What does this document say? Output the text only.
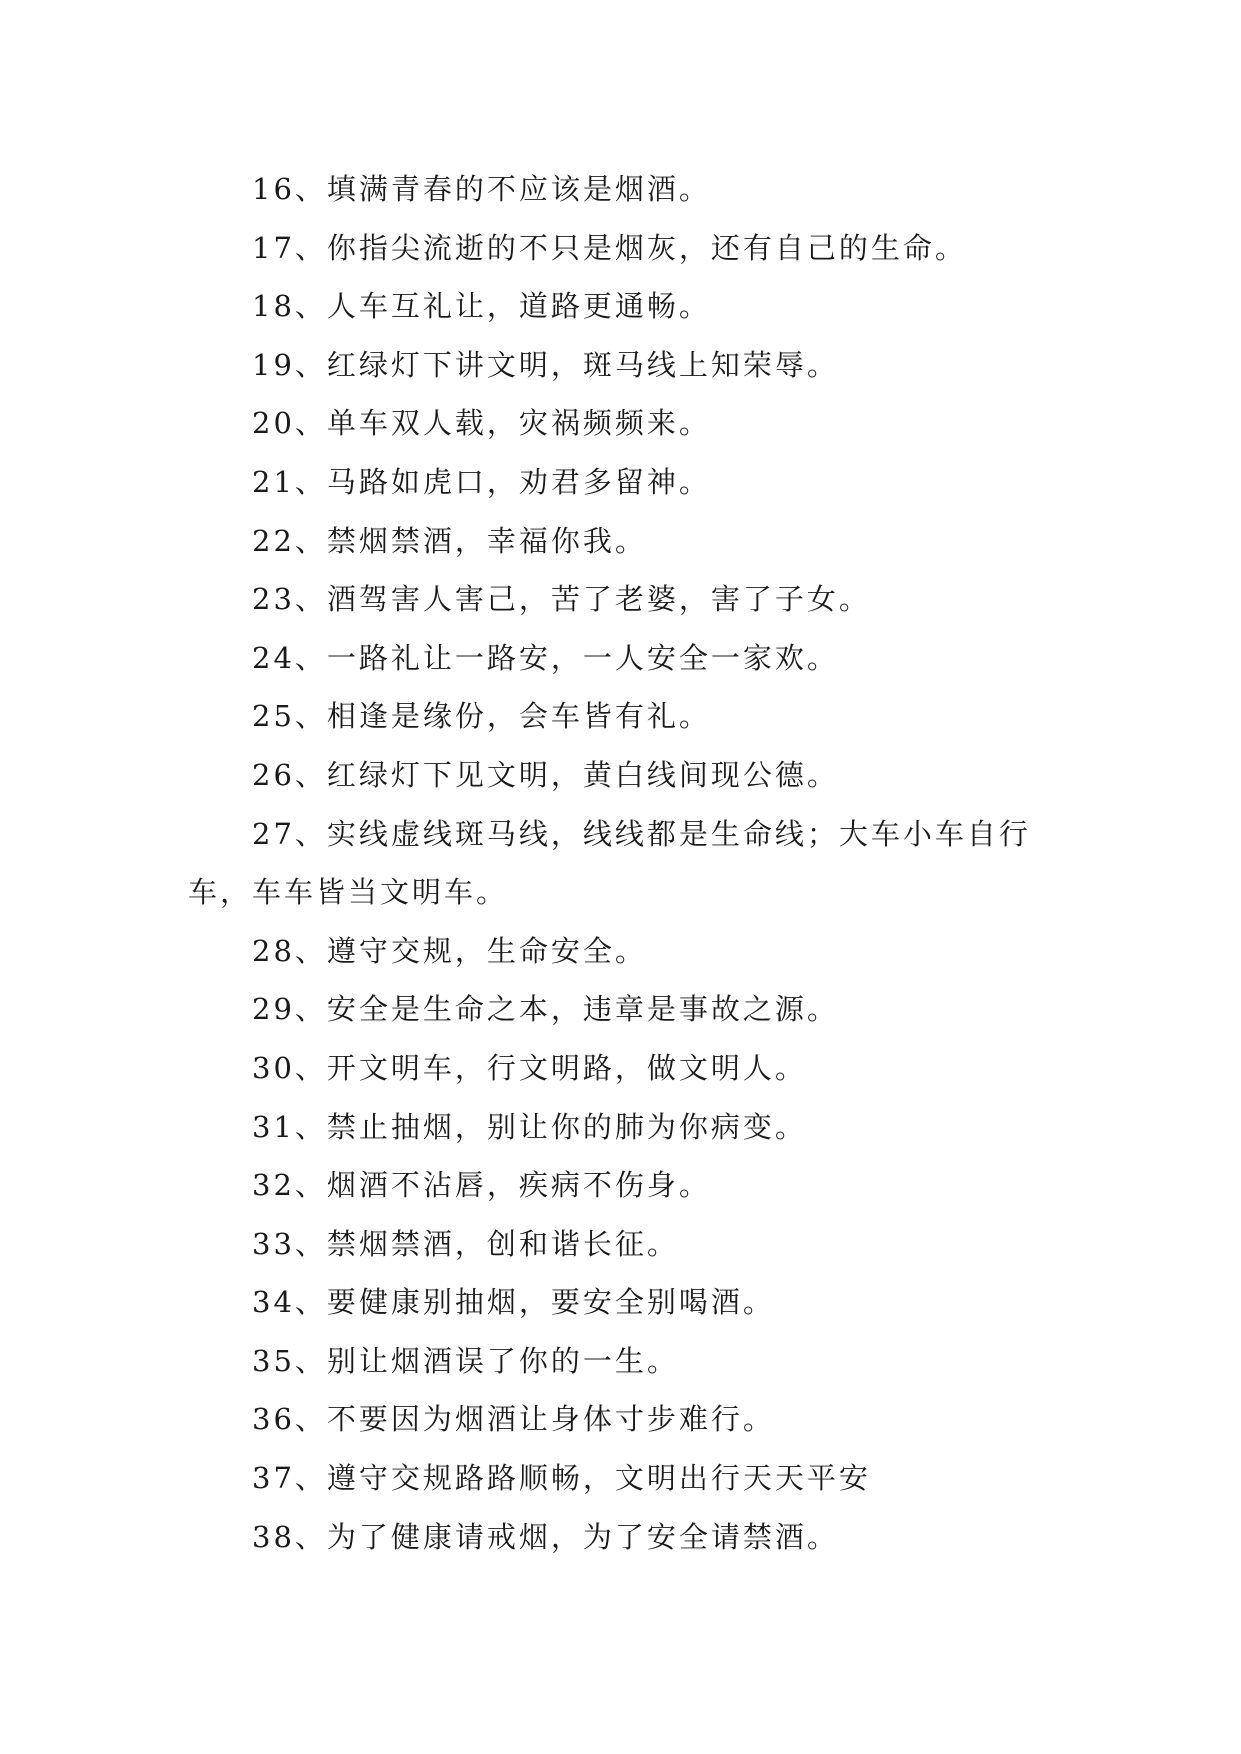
16、填满青春的不应该是烟酒。

17、你指尖流逝的不只是烟灰，还有自己的生命。

18、人车互礼让，道路更通畅。

19、红绿灯下讲文明，斑马线上知荣辱。

20、单车双人载，灾祸频频来。

21、马路如虎口，劝君多留神。

22、禁烟禁酒，幸福你我。

23、酒驾害人害己，苦了老婆，害了子女。

24、一路礼让一路安，一人安全一家欢。

25、相逢是缘份，会车皆有礼。

26、红绿灯下见文明，黄白线间现公德。

27、实线虚线斑马线，线线都是生命线；大车小车自行车，车车皆当文明车。

28、遵守交规，生命安全。

29、安全是生命之本，违章是事故之源。

30、开文明车，行文明路，做文明人。

31、禁止抽烟，别让你的肺为你病变。

32、烟酒不沾唇，疾病不伤身。

33、禁烟禁酒，创和谐长征。

34、要健康别抽烟，要安全别喝酒。

35、别让烟酒误了你的一生。

36、不要因为烟酒让身体寸步难行。

37、遵守交规路路顺畅，文明出行天天平安

38、为了健康请戒烟，为了安全请禁酒。
